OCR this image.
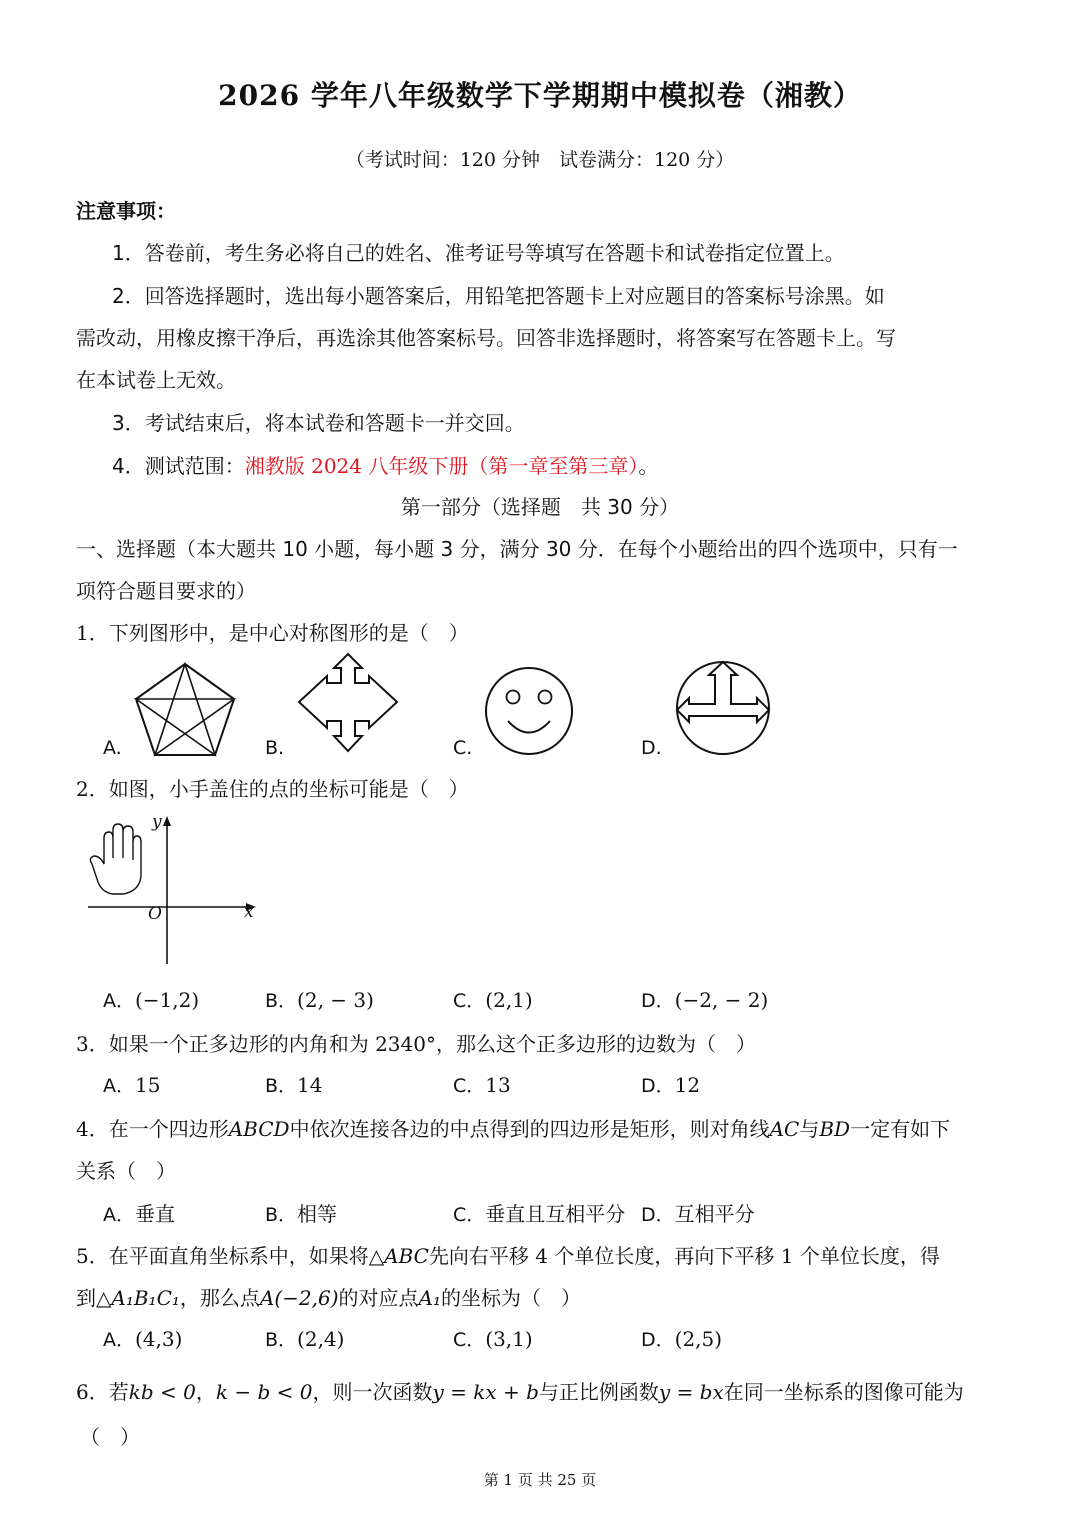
2026 学年八年级数学下学期期中模拟卷（湘教）
（考试时间：120 分钟　试卷满分：120 分）
注意事项：
1．答卷前，考生务必将自己的姓名、准考证号等填写在答题卡和试卷指定位置上。
2．回答选择题时，选出每小题答案后，用铅笔把答题卡上对应题目的答案标号涂黑。如
需改动，用橡皮擦干净后，再选涂其他答案标号。回答非选择题时，将答案写在答题卡上。写
在本试卷上无效。
3．考试结束后，将本试卷和答题卡一并交回。
4．测试范围：湘教版 2024 八年级下册（第一章至第三章）。
第一部分（选择题　共 30 分）
一、选择题（本大题共 10 小题，每小题 3 分，满分 30 分．在每个小题给出的四个选项中，只有一
项符合题目要求的）
1．下列图形中，是中心对称图形的是（　）
A.	B.	C.	D.
2．如图，小手盖住的点的坐标可能是（　）
y
x
O
A．(−1,2)	B．(2, − 3)	C．(2,1)	D．(−2, − 2)
3．如果一个正多边形的内角和为 2340°，那么这个正多边形的边数为（　）
A．15	B．14	C．13	D．12
4．在一个四边形ABCD中依次连接各边的中点得到的四边形是矩形，则对角线AC与BD一定有如下
关系（　）
A．垂直	B．相等	C．垂直且互相平分 D．互相平分
5．在平面直角坐标系中，如果将△ABC先向右平移 4 个单位长度，再向下平移 1 个单位长度，得
到△A₁B₁C₁，那么点A(−2,6)的对应点A₁的坐标为（　）
A．(4,3)	B．(2,4)	C．(3,1)	D．(2,5)
6．若kb < 0，k − b < 0，则一次函数y = kx + b与正比例函数y = bx在同一坐标系的图像可能为
（　）
第 1 页 共 25 页
